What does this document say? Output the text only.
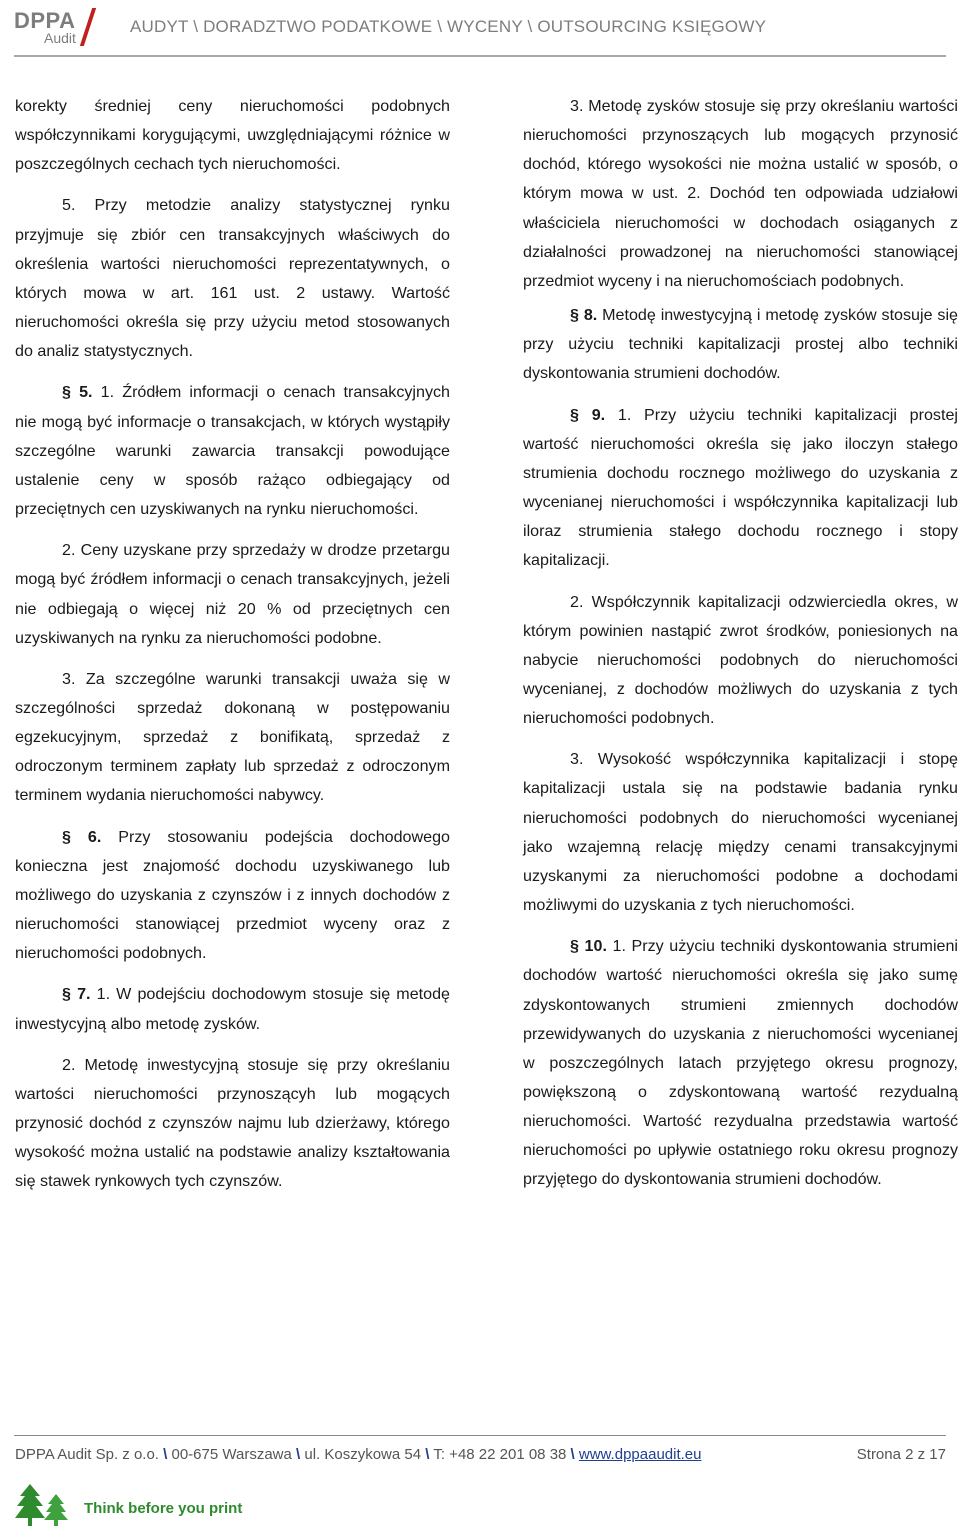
DPPA
Audit
AUDYT \ DORADZTWO PODATKOWE \ WYCENY \ OUTSOURCING KSIĘGOWY

korekty średniej ceny nieruchomości podobnych współczynnikami korygującymi, uwzględniającymi różnice w poszczególnych cechach tych nieruchomości.

5. Przy metodzie analizy statystycznej rynku przyjmuje się zbiór cen transakcyjnych właściwych do określenia wartości nieruchomości reprezentatywnych, o których mowa w art. 161 ust. 2 ustawy. Wartość nieruchomości określa się przy użyciu metod stosowanych do analiz statystycznych.

§ 5. 1. Źródłem informacji o cenach transakcyjnych nie mogą być informacje o transakcjach, w których wystąpiły szczególne warunki zawarcia transakcji powodujące ustalenie ceny w sposób rażąco odbiegający od przeciętnych cen uzyskiwanych na rynku nieruchomości.

2. Ceny uzyskane przy sprzedaży w drodze przetargu mogą być źródłem informacji o cenach transakcyjnych, jeżeli nie odbiegają o więcej niż 20 % od przeciętnych cen uzyskiwanych na rynku za nieruchomości podobne.

3. Za szczególne warunki transakcji uważa się w szczególności sprzedaż dokonaną w postępowaniu egzekucyjnym, sprzedaż z bonifikatą, sprzedaż z odroczonym terminem zapłaty lub sprzedaż z odroczonym terminem wydania nieruchomości nabywcy.

§ 6. Przy stosowaniu podejścia dochodowego konieczna jest znajomość dochodu uzyskiwanego lub możliwego do uzyskania z czynszów i z innych dochodów z nieruchomości stanowiącej przedmiot wyceny oraz z nieruchomości podobnych.

§ 7. 1. W podejściu dochodowym stosuje się metodę inwestycyjną albo metodę zysków.

2. Metodę inwestycyjną stosuje się przy określaniu wartości nieruchomości przynoszącyh lub mogących przynosić dochód z czynszów najmu lub dzierżawy, którego wysokość można ustalić na podstawie analizy kształtowania się stawek rynkowych tych czynszów.

3. Metodę zysków stosuje się przy określaniu wartości nieruchomości przynoszących lub mogących przynosić dochód, którego wysokości nie można ustalić w sposób, o którym mowa w ust. 2. Dochód ten odpowiada udziałowi właściciela nieruchomości w dochodach osiąganych z działalności prowadzonej na nieruchomości stanowiącej przedmiot wyceny i na nieruchomościach podobnych.

§ 8. Metodę inwestycyjną i metodę zysków stosuje się przy użyciu techniki kapitalizacji prostej albo techniki dyskontowania strumieni dochodów.

§ 9. 1. Przy użyciu techniki kapitalizacji prostej wartość nieruchomości określa się jako iloczyn stałego strumienia dochodu rocznego możliwego do uzyskania z wycenianej nieruchomości i współczynnika kapitalizacji lub iloraz strumienia stałego dochodu rocznego i stopy kapitalizacji.

2. Współczynnik kapitalizacji odzwierciedla okres, w którym powinien nastąpić zwrot środków, poniesionych na nabycie nieruchomości podobnych do nieruchomości wycenianej, z dochodów możliwych do uzyskania z tych nieruchomości podobnych.

3. Wysokość współczynnika kapitalizacji i stopę kapitalizacji ustala się na podstawie badania rynku nieruchomości podobnych do nieruchomości wycenianej jako wzajemną relację między cenami transakcyjnymi uzyskanymi za nieruchomości podobne a dochodami możliwymi do uzyskania z tych nieruchomości.

§ 10. 1. Przy użyciu techniki dyskontowania strumieni dochodów wartość nieruchomości określa się jako sumę zdyskontowanych strumieni zmiennych dochodów przewidywanych do uzyskania z nieruchomości wycenianej w poszczególnych latach przyjętego okresu prognozy, powiększoną o zdyskontowaną wartość rezydualną nieruchomości. Wartość rezydualna przedstawia wartość nieruchomości po upływie ostatniego roku okresu prognozy przyjętego do dyskontowania strumieni dochodów.

DPPA Audit Sp. z o.o. \ 00-675 Warszawa \ ul. Koszykowa 54 \ T: +48 22 201 08 38 \ www.dppaaudit.eu	Strona 2 z 17
Think before you print
